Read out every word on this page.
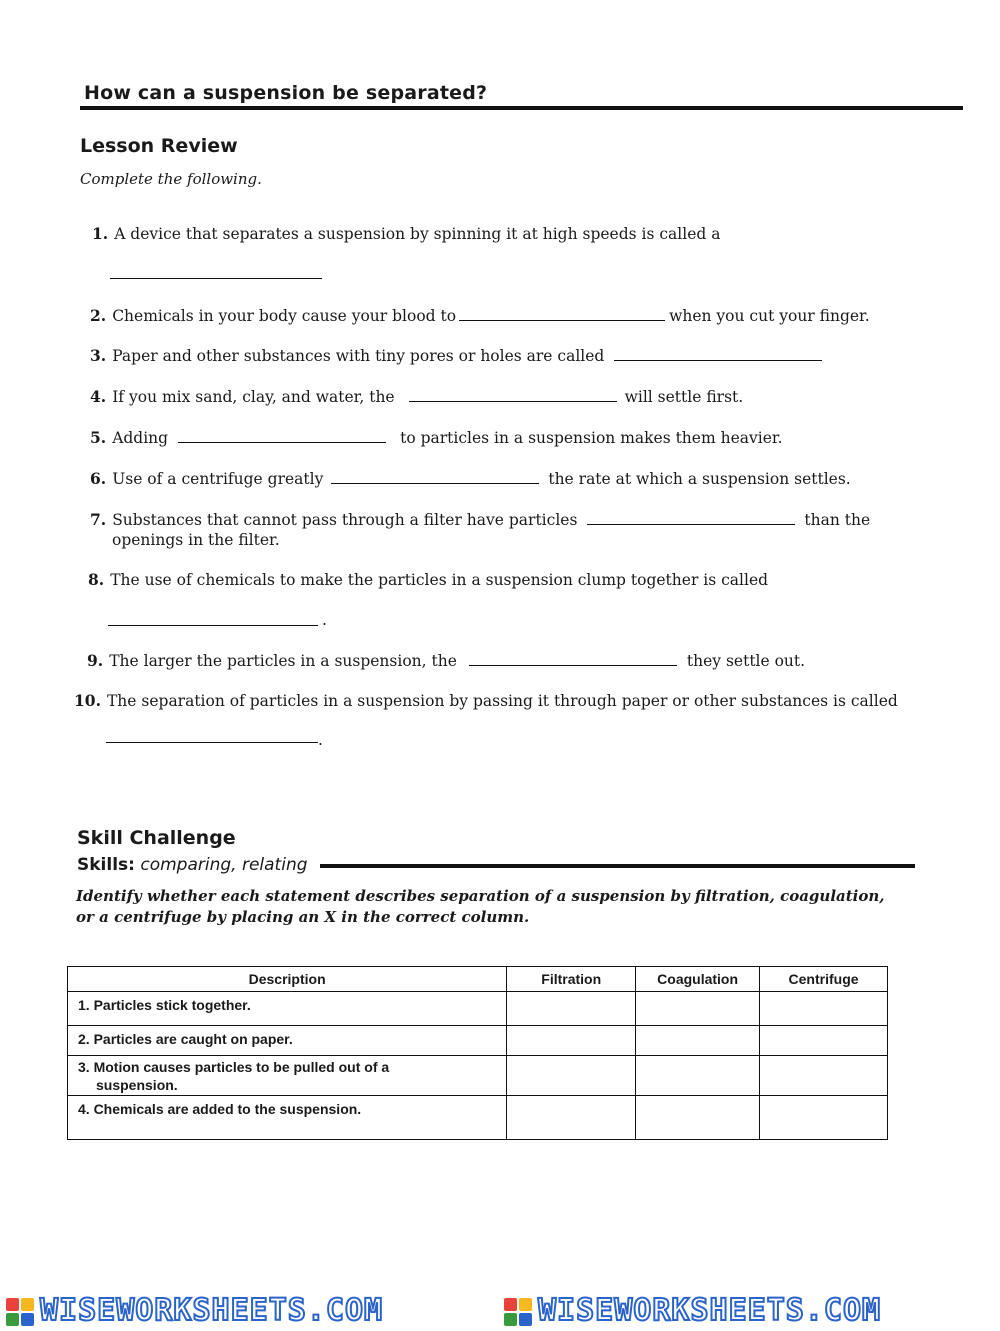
How can a suspension be separated?
Lesson Review
Complete the following.
1. A device that separates a suspension by spinning it at high speeds is called a
2. Chemicals in your body cause your blood to	when you cut your finger.
3. Paper and other substances with tiny pores or holes are called
4. If you mix sand, clay, and water, the	will settle first.
5. Adding	to particles in a suspension makes them heavier.
6. Use of a centrifuge greatly	the rate at which a suspension settles.
7. Substances that cannot pass through a filter have particles	than the
openings in the filter.
8. The use of chemicals to make the particles in a suspension clump together is called
.
9. The larger the particles in a suspension, the	they settle out.
10. The separation of particles in a suspension by passing it through paper or other substances is called
.
Skill Challenge
Skills: comparing, relating
Identify whether each statement describes separation of a suspension by filtration, coagulation, or a centrifuge by placing an X in the correct column.
Description	Filtration	Coagulation	Centrifuge
1. Particles stick together.			
2. Particles are caught on paper.			
3. Motion causes particles to be pulled out of a suspension.			
4. Chemicals are added to the suspension.			
WISEWORKSHEETS.COM	WISEWORKSHEETS.COM
